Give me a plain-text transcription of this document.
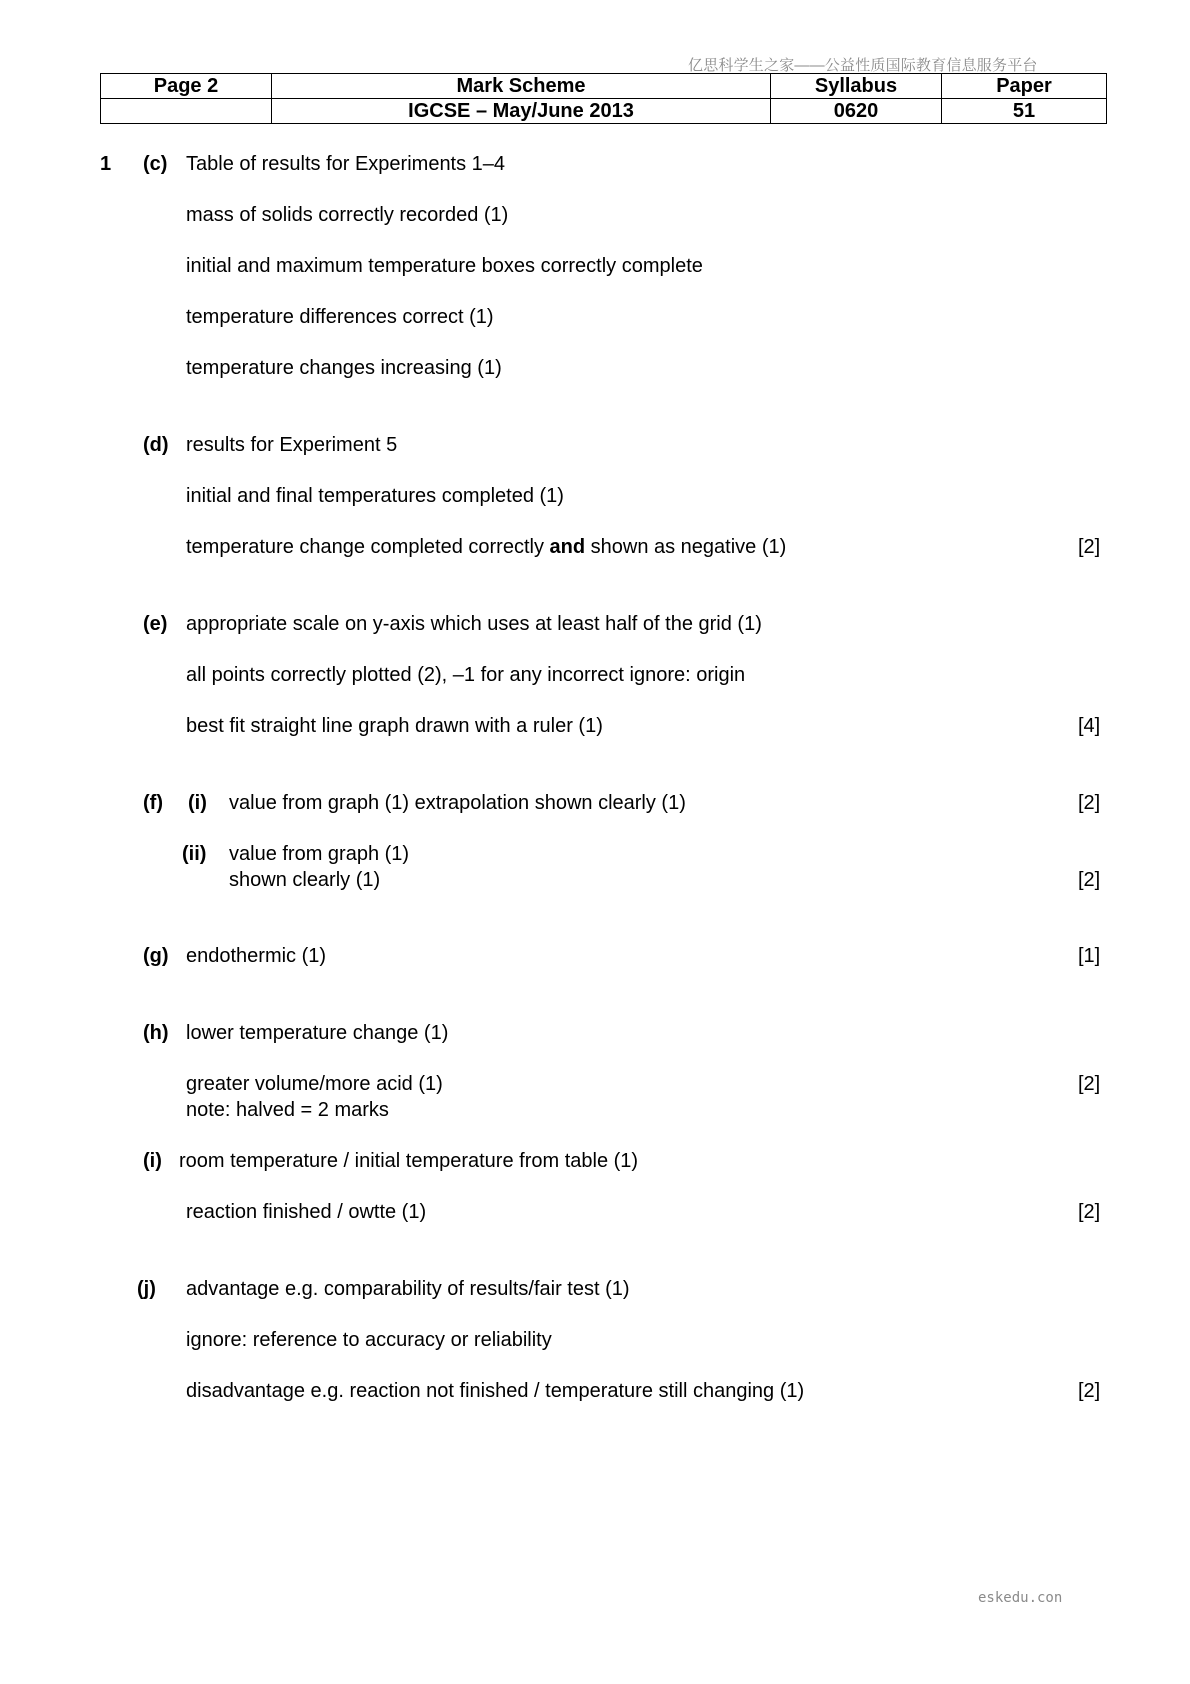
亿思科学生之家——公益性质国际教育信息服务平台
Page 2	Mark Scheme	Syllabus	Paper
	IGCSE – May/June 2013	0620	51
1 (c) Table of results for Experiments 1–4
mass of solids correctly recorded (1)
initial and maximum temperature boxes correctly complete
temperature differences correct (1)
temperature changes increasing (1)
(d) results for Experiment 5
initial and final temperatures completed (1)
temperature change completed correctly and shown as negative (1)	[2]
(e) appropriate scale on y-axis which uses at least half of the grid (1)
all points correctly plotted (2), –1 for any incorrect ignore: origin
best fit straight line graph drawn with a ruler (1)	[4]
(f) (i) value from graph (1) extrapolation shown clearly (1)	[2]
(ii) value from graph (1)
shown clearly (1)	[2]
(g) endothermic (1)	[1]
(h) lower temperature change (1)
greater volume/more acid (1)	[2]
note: halved = 2 marks
(i) room temperature / initial temperature from table (1)
reaction finished / owtte (1)	[2]
(j) advantage e.g. comparability of results/fair test (1)
ignore: reference to accuracy or reliability
disadvantage e.g. reaction not finished / temperature still changing (1)	[2]
eskedu.con
